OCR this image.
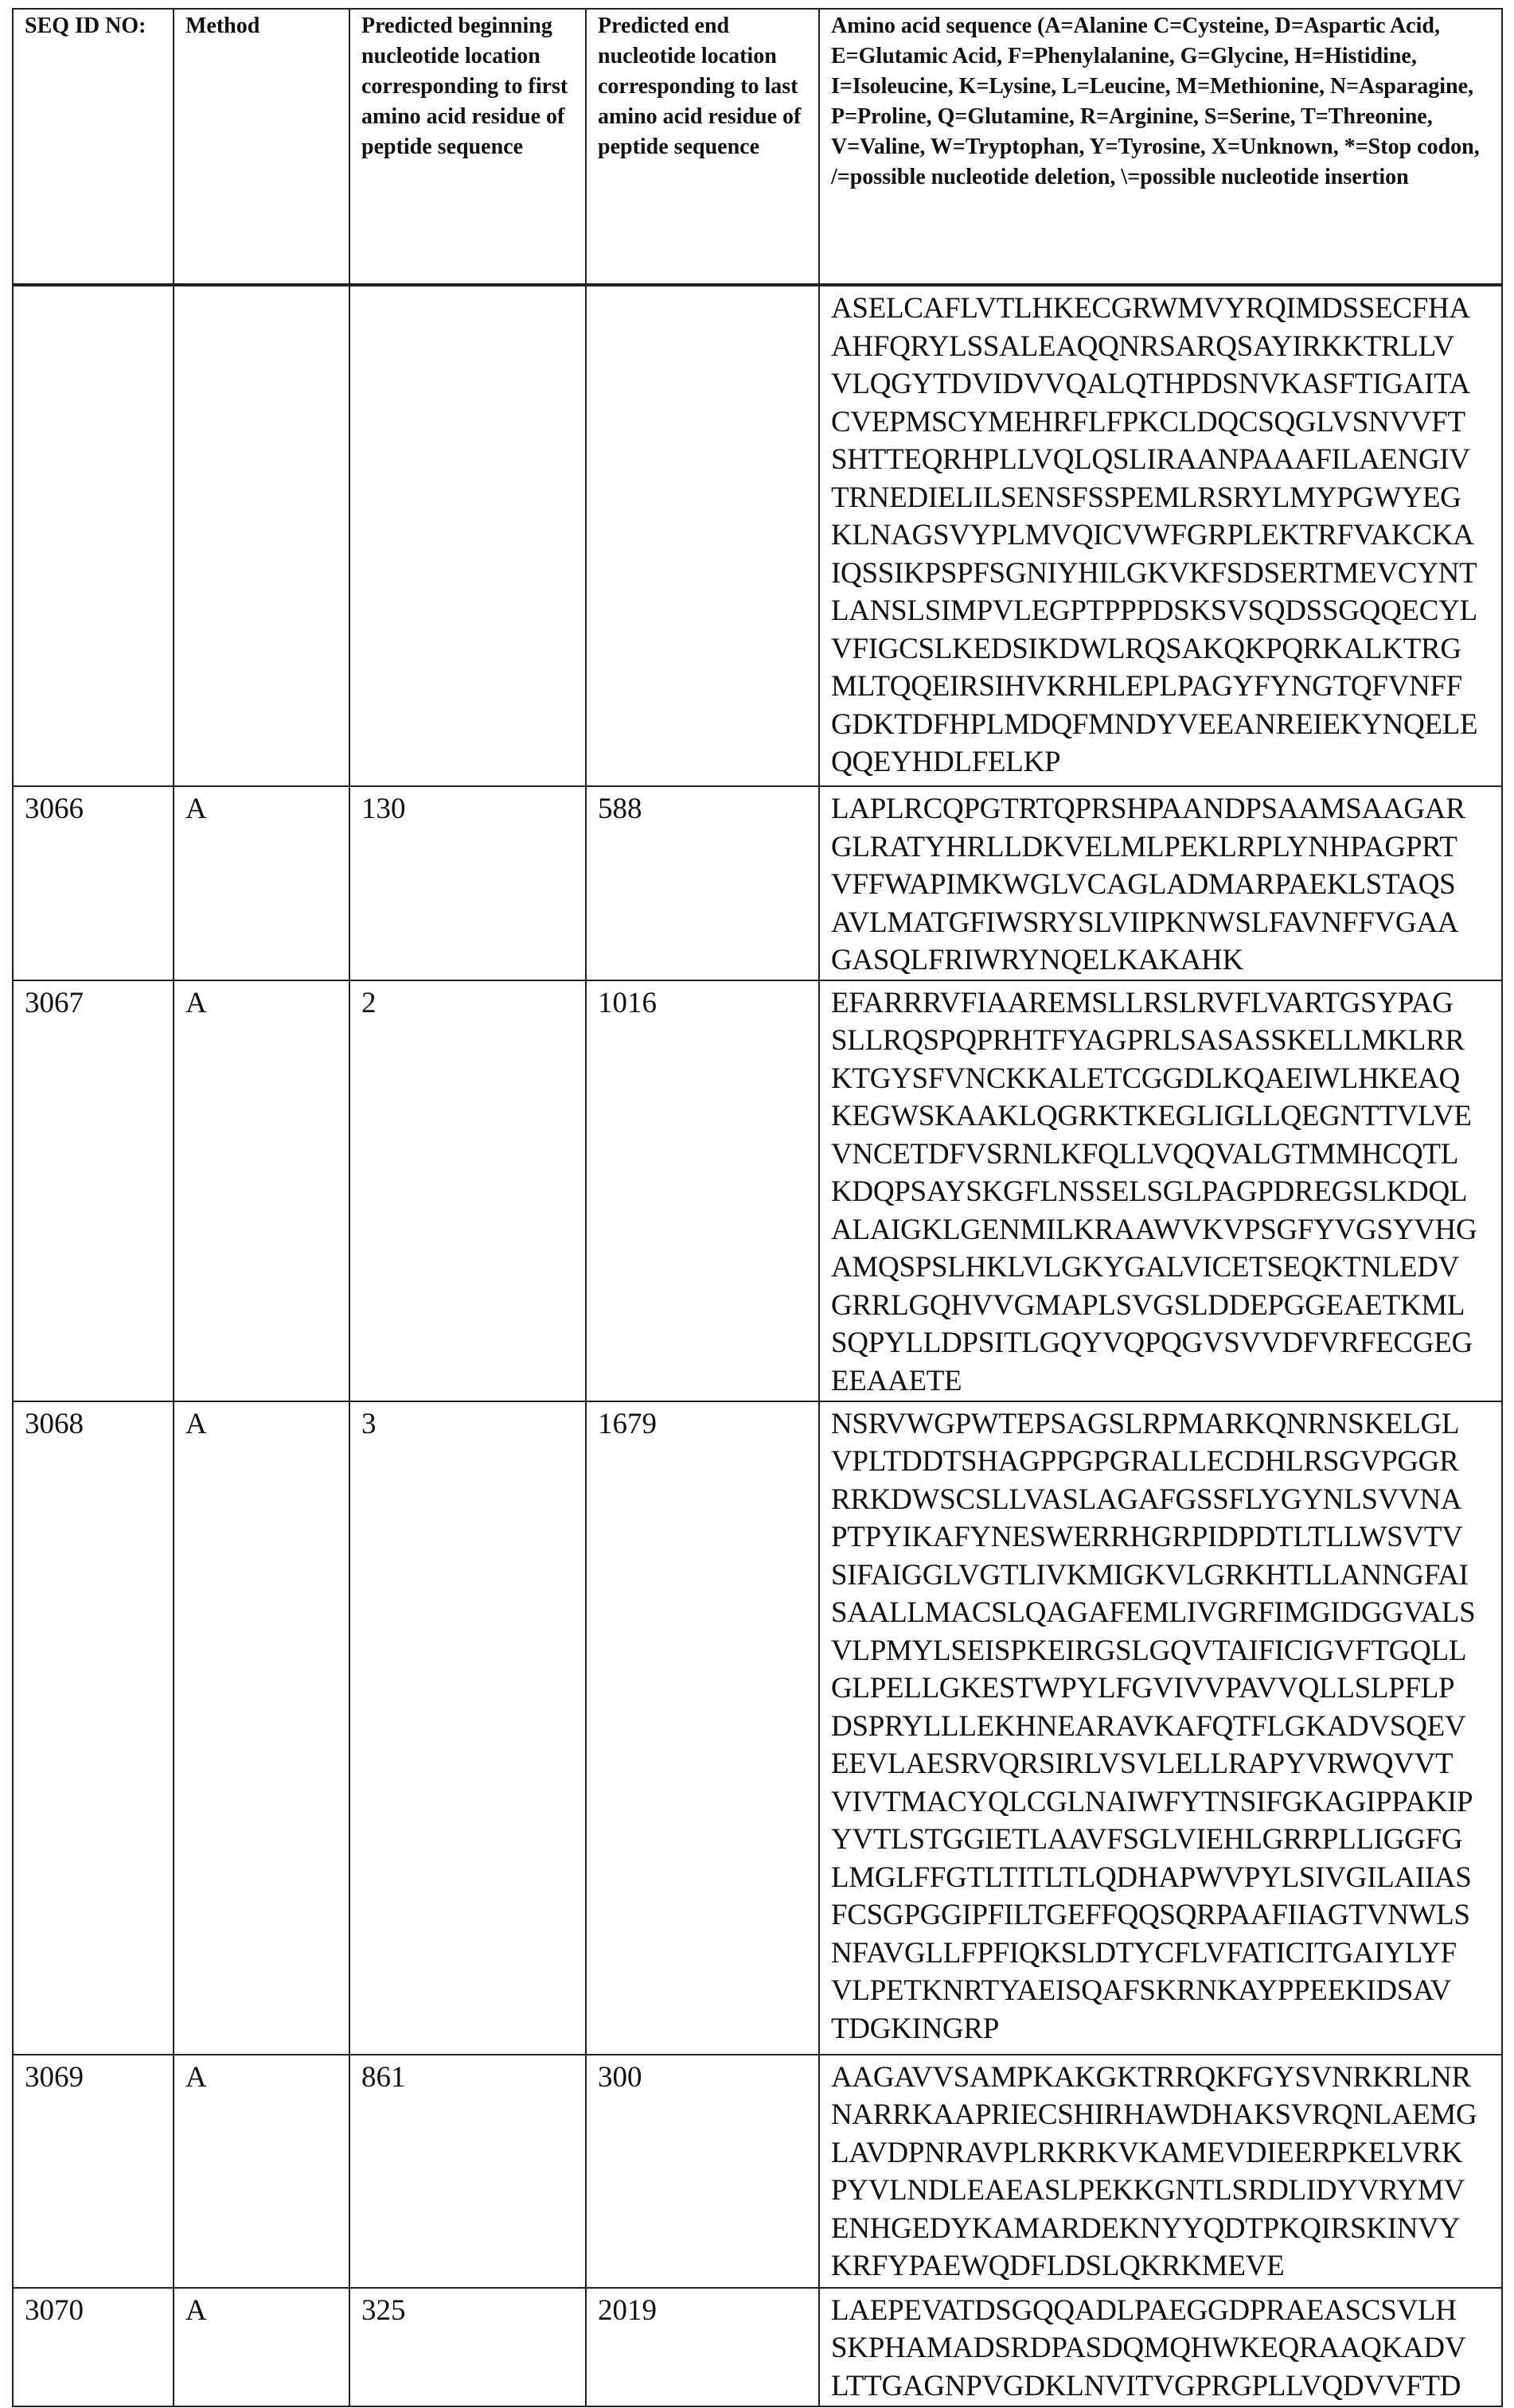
SEQ ID NO:	Method	Predicted beginning nucleotide location corresponding to first amino acid residue of peptide sequence	Predicted end nucleotide location corresponding to last amino acid residue of peptide sequence	Amino acid sequence (A=Alanine C=Cysteine, D=Aspartic Acid, E=Glutamic Acid, F=Phenylalanine, G=Glycine, H=Histidine, I=Isoleucine, K=Lysine, L=Leucine, M=Methionine, N=Asparagine, P=Proline, Q=Glutamine, R=Arginine, S=Serine, T=Threonine, V=Valine, W=Tryptophan, Y=Tyrosine, X=Unknown, *=Stop codon, /=possible nucleotide deletion, \=possible nucleotide insertion

ASELCAFLVTLHKECGRWMVYRQIMDSSECFHA
AHFQRYLSSALEAQQNRSARQSAYIRKKTRLLV
VLQGYTDVIDVVQALQTHPDSNVKASFTIGAITA
CVEPMSCYMEHRFLFPKCLDQCSQGLVSNVVFT
SHTTEQRHPLLVQLQSLIRAANPAAAFILAENGIV
TRNEDIELILSENSFSSPEMLRSRYLMYPGWYEG
KLNAGSVYPLMVQICVWFGRPLEKTRFVAKCKA
IQSSIKPSPFSGNIYHILGKVKFSDSERTMEVCYNT
LANSLSIMPVLEGPTPPPDSKSVSQDSSGQQECYL
VFIGCSLKEDSIKDWLRQSAKQKPQRKALKTRG
MLTQQEIRSIHVKRHLEPLPAGYFYNGTQFVNFF
GDKTDFHPLMDQFMNDYVEEANREIEKYNQELE
QQEYHDLFELKP

3066	A	130	588	LAPLRCQPGTRTQPRSHPAANDPSAAMSAAGAR
GLRATYHRLLDKVELMLPEKLRPLYNHPAGPRT
VFFWAPIMKWGLVCAGLADMARPAEKLSTAQS
AVLMATGFIWSRYSLVIIPKNWSLFAVNFFVGAA
GASQLFRIWRYNQELKAKAHK

3067	A	2	1016	EFARRRVFIAAREMSLLRSLRVFLVARTGSYPAG
SLLRQSPQPRHTFYAGPRLSASASSKELLMKLRR
KTGYSFVNCKKALETCGGDLKQAEIWLHKEAQ
KEGWSKAAKLQGRKTKEGLIGLLQEGNTTVLVE
VNCETDFVSRNLKFQLLVQQVALGTMMHCQTL
KDQPSAYSKGFLNSSELSGLPAGPDREGSLKDQL
ALAIGKLGENMILKRAAWVKVPSGFYVGSYVHG
AMQSPSLHKLVLGKYGALVICETSEQKTNLEDV
GRRLGQHVVGMAPLSVGSLDDEPGGEAETKML
SQPYLLDPSITLGQYVQPQGVSVVDFVRFECGEG
EEAAETE

3068	A	3	1679	NSRVWGPWTEPSAGSLRPMARKQNRNSKELGL
VPLTDDTSHAGPPGPGRALLECDHLRSGVPGGR
RRKDWSCSLLVASLAGAFGSSFLYGYNLSVVNA
PTPYIKAFYNESWERRHGRPIDPDTLTLLWSVTV
SIFAIGGLVGTLIVKMIGKVLGRKHTLLANNGFAI
SAALLMACSLQAGAFEMLIVGRFIMGIDGGVALS
VLPMYLSEISPKEIRGSLGQVTAIFICIGVFTGQLL
GLPELLGKESTWPYLFGVIVVPAVVQLLSLPFLP
DSPRYLLLEKHNEARAVKAFQTFLGKADVSQEV
EEVLAESRVQRSIRLVSVLELLRAPYVRWQVVT
VIVTMACYQLCGLNAIWFYTNSIFGKAGIPPAKIP
YVTLSTGGIETLAAVFSGLVIEHLGRRPLLIGGFG
LMGLFFGTLTITLTLQDHAPWVPYLSIVGILAIIAS
FCSGPGGIPFILTGEFFQQSQRPAAFIIAGTVNWLS
NFAVGLLFPFIQKSLDTYCFLVFATICITGAIYLYF
VLPETKNRTYAEISQAFSKRNKAYPPEEKIDSAV
TDGKINGRP

3069	A	861	300	AAGAVVSAMPKAKGKTRRQKFGYSVNRKRLNR
NARRKAAPRIECSHIRHAWDHAKSVRQNLAEMG
LAVDPNRAVPLRKRKVKAMEVDIEERPKELVRK
PYVLNDLEAEASLPEKKGNTLSRDLIDYVRYMV
ENHGEDYKAMARDEKNYYQDTPKQIRSKINVY
KRFYPAEWQDFLDSLQKRKMEVE

3070	A	325	2019	LAEPEVATDSGQQADLPAEGGDPRAEASCSVLH
SKPHAMADSRDPASDQMQHWKEQRAAQKADV
LTTGAGNPVGDKLNVITVGPRGPLLVQDVVFTD
